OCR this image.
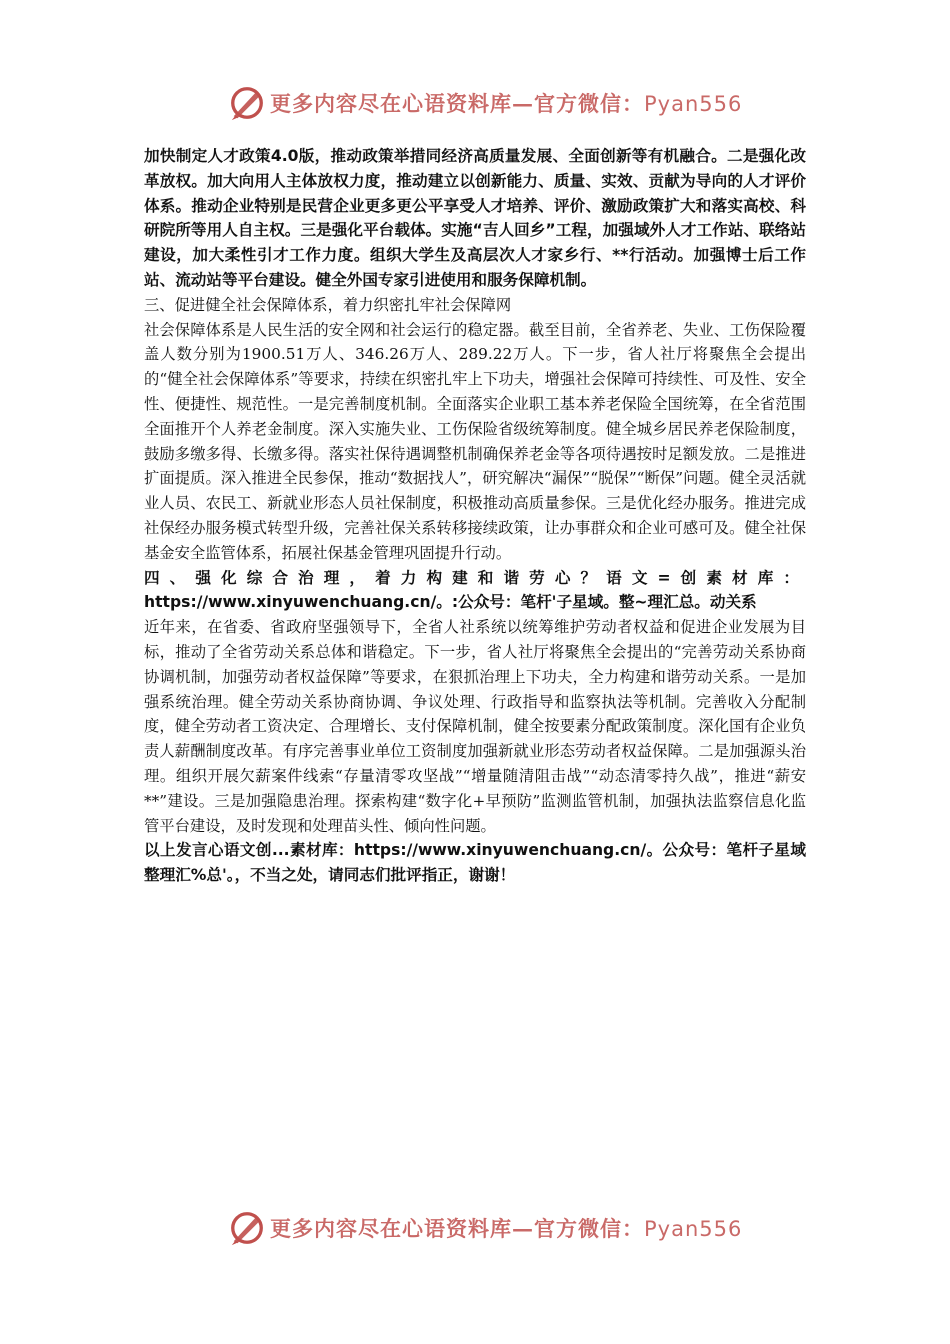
更多内容尽在心语资料库—官方微信：Pyan556

加快制定人才政策4.0版，推动政策举措同经济高质量发展、全面创新等有机融合。二是强化改革放权。加大向用人主体放权力度，推动建立以创新能力、质量、实效、贡献为导向的人才评价体系。推动企业特别是民营企业更多更公平享受人才培养、评价、激励政策扩大和落实高校、科研院所等用人自主权。三是强化平台载体。实施“吉人回乡”工程，加强域外人才工作站、联络站建设，加大柔性引才工作力度。组织大学生及高层次人才家乡行、**行活动。加强博士后工作站、流动站等平台建设。健全外国专家引进使用和服务保障机制。

三、促进健全社会保障体系，着力织密扎牢社会保障网

社会保障体系是人民生活的安全网和社会运行的稳定器。截至目前，全省养老、失业、工伤保险覆盖人数分别为1900.51万人、346.26万人、289.22万人。下一步，省人社厅将聚焦全会提出的“健全社会保障体系”等要求，持续在织密扎牢上下功夫，增强社会保障可持续性、可及性、安全性、便捷性、规范性。一是完善制度机制。全面落实企业职工基本养老保险全国统筹，在全省范围全面推开个人养老金制度。深入实施失业、工伤保险省级统筹制度。健全城乡居民养老保险制度，鼓励多缴多得、长缴多得。落实社保待遇调整机制确保养老金等各项待遇按时足额发放。二是推进扩面提质。深入推进全民参保，推动“数据找人”，研究解决“漏保”“脱保”“断保”问题。健全灵活就业人员、农民工、新就业形态人员社保制度，积极推动高质量参保。三是优化经办服务。推进完成社保经办服务模式转型升级，完善社保关系转移接续政策，让办事群众和企业可感可及。健全社保基金安全监管体系，拓展社保基金管理巩固提升行动。

四、强化综合治理，着力构建和谐劳心？语文=创素材库：https://www.xinyuwenchuang.cn/。:公众号：笔杆'子星域。整~理汇总。动关系

近年来，在省委、省政府坚强领导下，全省人社系统以统筹维护劳动者权益和促进企业发展为目标，推动了全省劳动关系总体和谐稳定。下一步，省人社厅将聚焦全会提出的“完善劳动关系协商协调机制，加强劳动者权益保障”等要求，在狠抓治理上下功夫，全力构建和谐劳动关系。一是加强系统治理。健全劳动关系协商协调、争议处理、行政指导和监察执法等机制。完善收入分配制度，健全劳动者工资决定、合理增长、支付保障机制，健全按要素分配政策制度。深化国有企业负责人薪酬制度改革。有序完善事业单位工资制度加强新就业形态劳动者权益保障。二是加强源头治理。组织开展欠薪案件线索“存量清零攻坚战”“增量随清阻击战”“动态清零持久战”，推进“薪安**”建设。三是加强隐患治理。探索构建“数字化+早预防”监测监管机制，加强执法监察信息化监管平台建设，及时发现和处理苗头性、倾向性问题。

以上发言心语文创...素材库：https://www.xinyuwenchuang.cn/。公众号：笔杆子星域整理汇%总'。，不当之处，请同志们批评指正，谢谢！

更多内容尽在心语资料库—官方微信：Pyan556
